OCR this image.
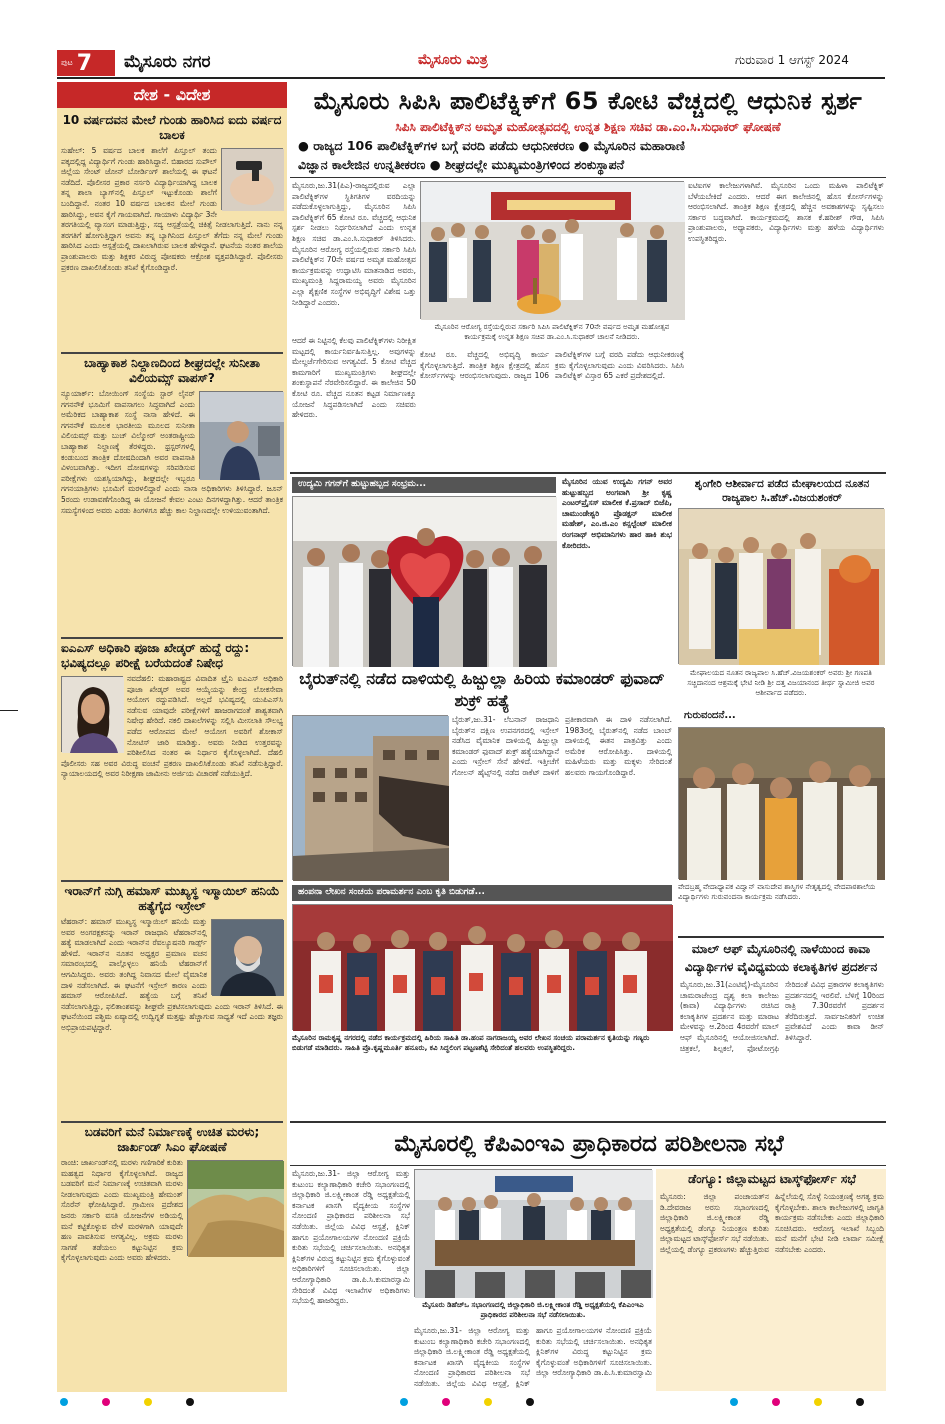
ಪುಟ 7 ಮೈಸೂರು ನಗರ	ಮೈಸೂರು ಮಿತ್ರ	ಗುರುವಾರ 1 ಆಗಸ್ಟ್ 2024
ದೇಶ - ವಿದೇಶ
10 ವರ್ಷದವನ ಮೇಲೆ ಗುಂಡು ಹಾರಿಸಿದ ಐದು ವರ್ಷದ ಬಾಲಕ
ಸುಹೇಲ್: 5 ವರ್ಷದ ಬಾಲಕ ಶಾಲೆಗೆ ಪಿಸ್ತೂಲ್ ತಂದು ಪಕ್ಕದಲ್ಲಿದ್ದ ವಿದ್ಯಾರ್ಥಿಗೆ ಗುಂಡು ಹಾರಿಸಿದ್ದಾನೆ. ಬಿಹಾರದ ಸುಪೌಲ್ ಜಿಲ್ಲೆಯ ಸೇಂಟ್ ಜೋನ್ ಬೋರ್ಡಿಂಗ್ ಶಾಲೆಯಲ್ಲಿ ಈ ಘಟನೆ ನಡೆದಿದೆ. ಪೊಲೀಸರ ಪ್ರಕಾರ ನರ್ಸರಿ ವಿದ್ಯಾರ್ಥಿಯಾಗಿದ್ದ ಬಾಲಕ ತನ್ನ ಶಾಲಾ ಬ್ಯಾಗ್‌ನಲ್ಲಿ ಪಿಸ್ತೂಲ್ ಇಟ್ಟುಕೊಂಡು ಶಾಲೆಗೆ ಬಂದಿದ್ದಾನೆ. ನಂತರ 10 ವರ್ಷದ ಬಾಲಕನ ಮೇಲೆ ಗುಂಡು ಹಾರಿಸಿದ್ದು, ಅವನ ಕೈಗೆ ಗಾಯವಾಗಿದೆ. ಗಾಯಾಳು ವಿದ್ಯಾರ್ಥಿ 3ನೇ ತರಗತಿಯಲ್ಲಿ ವ್ಯಾಸಂಗ ಮಾಡುತ್ತಿದ್ದು, ಸದ್ಯ ಆಸ್ಪತ್ರೆಯಲ್ಲಿ ಚಿಕಿತ್ಸೆ ನೀಡಲಾಗುತ್ತಿದೆ. ನಾನು ನನ್ನ ತರಗತಿಗೆ ಹೋಗುತ್ತಿದ್ದಾಗ ಅವನು ತನ್ನ ಬ್ಯಾಗಿನಿಂದ ಪಿಸ್ತೂಲ್ ತೆಗೆದು ನನ್ನ ಮೇಲೆ ಗುಂಡು ಹಾರಿಸಿದ ಎಂದು ಆಸ್ಪತ್ರೆಯಲ್ಲಿ ದಾಖಲಾಗಿರುವ ಬಾಲಕ ಹೇಳಿದ್ದಾನೆ. ಘಟನೆಯ ನಂತರ ಶಾಲೆಯ ಪ್ರಾಂಶುಪಾಲರು ಮತ್ತು ಶಿಕ್ಷಕರ ವಿರುದ್ಧ ಪೋಷಕರು ಆಕ್ರೋಶ ವ್ಯಕ್ತಪಡಿಸಿದ್ದಾರೆ. ಪೊಲೀಸರು ಪ್ರಕರಣ ದಾಖಲಿಸಿಕೊಂಡು ತನಿಖೆ ಕೈಗೊಂಡಿದ್ದಾರೆ.
ಬಾಹ್ಯಾಕಾಶ ನಿಲ್ದಾಣದಿಂದ ಶೀಘ್ರದಲ್ಲೇ ಸುನೀತಾ ವಿಲಿಯಮ್ಸ್ ವಾಪಸ್?
ನ್ಯೂಯಾರ್ಕ್: ಬೋಯಿಂಗ್ ಸಂಸ್ಥೆಯ ಸ್ಟಾರ್ ಲೈನರ್ ಗಗನನೌಕೆ ಭೂಮಿಗೆ ವಾಪಸಾಗಲು ಸಿದ್ಧವಾಗಿದೆ ಎಂದು ಅಮೆರಿಕದ ಬಾಹ್ಯಾಕಾಶ ಸಂಸ್ಥೆ ನಾಸಾ ಹೇಳಿದೆ. ಈ ಗಗನನೌಕೆ ಮೂಲಕ ಭಾರತೀಯ ಮೂಲದ ಸುನೀತಾ ವಿಲಿಯಮ್ಸ್ ಮತ್ತು ಬುಚ್ ವಿಲ್ಮೋರ್ ಅಂತರಾಷ್ಟ್ರೀಯ ಬಾಹ್ಯಾಕಾಶ ನಿಲ್ದಾಣಕ್ಕೆ ತೆರಳಿದ್ದರು. ಥ್ರಸ್ಟರ್‌ಗಳಲ್ಲಿ ಕಂಡುಬಂದ ತಾಂತ್ರಿಕ ದೋಷದಿಂದಾಗಿ ಅವರ ವಾಪಸಾತಿ ವಿಳಂಬವಾಗಿತ್ತು. ಇದೀಗ ದೋಷಗಳನ್ನು ಸರಿಪಡಿಸುವ ಪರೀಕ್ಷೆಗಳು ಯಶಸ್ವಿಯಾಗಿದ್ದು, ಶೀಘ್ರದಲ್ಲೇ ಇಬ್ಬರೂ ಗಗನಯಾತ್ರಿಗಳು ಭೂಮಿಗೆ ಮರಳಲಿದ್ದಾರೆ ಎಂದು ನಾಸಾ ಅಧಿಕಾರಿಗಳು ತಿಳಿಸಿದ್ದಾರೆ. ಜೂನ್ 5ರಂದು ಉಡಾವಣೆಗೊಂಡಿದ್ದ ಈ ಯೋಜನೆ ಕೇವಲ ಎಂಟು ದಿನಗಳದ್ದಾಗಿತ್ತು. ಆದರೆ ತಾಂತ್ರಿಕ ಸಮಸ್ಯೆಗಳಿಂದ ಅವರು ಎರಡು ತಿಂಗಳಿಗೂ ಹೆಚ್ಚು ಕಾಲ ನಿಲ್ದಾಣದಲ್ಲೇ ಉಳಿಯುವಂತಾಗಿದೆ.
ಐಎಎಸ್ ಅಧಿಕಾರಿ ಪೂಜಾ ಖೇಡ್ಕರ್ ಹುದ್ದೆ ರದ್ದು: ಭವಿಷ್ಯದಲ್ಲೂ ಪರೀಕ್ಷೆ ಬರೆಯದಂತೆ ನಿಷೇಧ
ನವದೆಹಲಿ: ಮಹಾರಾಷ್ಟ್ರದ ವಿವಾದಿತ ಟ್ರೈನಿ ಐಎಎಸ್ ಅಧಿಕಾರಿ ಪೂಜಾ ಖೇಡ್ಕರ್ ಅವರ ಆಯ್ಕೆಯನ್ನು ಕೇಂದ್ರ ಲೋಕಸೇವಾ ಆಯೋಗ ರದ್ದುಪಡಿಸಿದೆ. ಅಲ್ಲದೆ ಭವಿಷ್ಯದಲ್ಲಿ ಯುಪಿಎಸ್‌ಸಿ ನಡೆಸುವ ಯಾವುದೇ ಪರೀಕ್ಷೆಗಳಿಗೆ ಹಾಜರಾಗದಂತೆ ಶಾಶ್ವತವಾಗಿ ನಿಷೇಧ ಹೇರಿದೆ. ನಕಲಿ ದಾಖಲೆಗಳನ್ನು ಸಲ್ಲಿಸಿ ಮೀಸಲಾತಿ ಸೌಲಭ್ಯ ಪಡೆದ ಆರೋಪದ ಮೇಲೆ ಆಯೋಗ ಅವರಿಗೆ ಶೋಕಾಸ್ ನೋಟಿಸ್ ಜಾರಿ ಮಾಡಿತ್ತು. ಅವರು ನೀಡಿದ ಉತ್ತರವನ್ನು ಪರಿಶೀಲಿಸಿದ ನಂತರ ಈ ನಿರ್ಧಾರ ಕೈಗೊಳ್ಳಲಾಗಿದೆ. ದೆಹಲಿ ಪೊಲೀಸರು ಸಹ ಅವರ ವಿರುದ್ಧ ವಂಚನೆ ಪ್ರಕರಣ ದಾಖಲಿಸಿಕೊಂಡು ತನಿಖೆ ನಡೆಸುತ್ತಿದ್ದಾರೆ. ನ್ಯಾಯಾಲಯದಲ್ಲಿ ಅವರ ನಿರೀಕ್ಷಣಾ ಜಾಮೀನು ಅರ್ಜಿಯ ವಿಚಾರಣೆ ನಡೆಯುತ್ತಿದೆ.
ಇರಾನ್‌ಗೆ ನುಗ್ಗಿ ಹಮಾಸ್ ಮುಖ್ಯಸ್ಥ ಇಸ್ಮಾಯಿಲ್ ಹನಿಯೆ ಹತ್ಯೆಗೈದ ಇಸ್ರೇಲ್
ಟೆಹರಾನ್: ಹಮಾಸ್ ಮುಖ್ಯಸ್ಥ ಇಸ್ಮಾಯಿಲ್ ಹನಿಯೆ ಮತ್ತು ಅವರ ಅಂಗರಕ್ಷಕನನ್ನು ಇರಾನ್ ರಾಜಧಾನಿ ಟೆಹರಾನ್‌ನಲ್ಲಿ ಹತ್ಯೆ ಮಾಡಲಾಗಿದೆ ಎಂದು ಇರಾನ್‌ನ ರೆವಲ್ಯೂಷನರಿ ಗಾರ್ಡ್ಸ್ ಹೇಳಿದೆ. ಇರಾನ್‌ನ ನೂತನ ಅಧ್ಯಕ್ಷರ ಪ್ರಮಾಣ ವಚನ ಸಮಾರಂಭದಲ್ಲಿ ಪಾಲ್ಗೊಳ್ಳಲು ಹನಿಯೆ ಟೆಹರಾನ್‌ಗೆ ಆಗಮಿಸಿದ್ದರು. ಅವರು ತಂಗಿದ್ದ ನಿವಾಸದ ಮೇಲೆ ವೈಮಾನಿಕ ದಾಳಿ ನಡೆಸಲಾಗಿದೆ. ಈ ಘಟನೆಗೆ ಇಸ್ರೇಲ್ ಕಾರಣ ಎಂದು ಹಮಾಸ್ ಆರೋಪಿಸಿದೆ. ಹತ್ಯೆಯ ಬಗ್ಗೆ ತನಿಖೆ ನಡೆಸಲಾಗುತ್ತಿದ್ದು, ಫಲಿತಾಂಶವನ್ನು ಶೀಘ್ರವೇ ಪ್ರಕಟಿಸಲಾಗುವುದು ಎಂದು ಇರಾನ್ ತಿಳಿಸಿದೆ. ಈ ಘಟನೆಯಿಂದ ಪಶ್ಚಿಮ ಏಷ್ಯಾದಲ್ಲಿ ಉದ್ವಿಗ್ನತೆ ಮತ್ತಷ್ಟು ಹೆಚ್ಚಾಗುವ ಸಾಧ್ಯತೆ ಇದೆ ಎಂದು ತಜ್ಞರು ಅಭಿಪ್ರಾಯಪಟ್ಟಿದ್ದಾರೆ.
ಬಡವರಿಗೆ ಮನೆ ನಿರ್ಮಾಣಕ್ಕೆ ಉಚಿತ ಮರಳು; ಜಾರ್ಖಂಡ್ ಸಿಎಂ ಘೋಷಣೆ
ರಾಂಚಿ: ಜಾರ್ಖಂಡ್‌ನಲ್ಲಿ ಮರಳು ಗಣಿಗಾರಿಕೆ ಕುರಿತು ಮಹತ್ವದ ನಿರ್ಧಾರ ಕೈಗೊಳ್ಳಲಾಗಿದೆ. ರಾಜ್ಯದ ಬಡವರಿಗೆ ಮನೆ ನಿರ್ಮಾಣಕ್ಕೆ ಉಚಿತವಾಗಿ ಮರಳು ನೀಡಲಾಗುವುದು ಎಂದು ಮುಖ್ಯಮಂತ್ರಿ ಹೇಮಂತ್ ಸೊರೆನ್ ಘೋಷಿಸಿದ್ದಾರೆ. ಗ್ರಾಮೀಣ ಪ್ರದೇಶದ ಜನರು ಸರ್ಕಾರಿ ವಸತಿ ಯೋಜನೆಗಳ ಅಡಿಯಲ್ಲಿ ಮನೆ ಕಟ್ಟಿಕೊಳ್ಳುವ ವೇಳೆ ಮರಳಿಗಾಗಿ ಯಾವುದೇ ಹಣ ಪಾವತಿಸುವ ಅಗತ್ಯವಿಲ್ಲ. ಅಕ್ರಮ ಮರಳು ಸಾಗಣೆ ತಡೆಯಲು ಕಟ್ಟುನಿಟ್ಟಿನ ಕ್ರಮ ಕೈಗೊಳ್ಳಲಾಗುವುದು ಎಂದು ಅವರು ಹೇಳಿದರು.
ಮೈಸೂರು ಸಿಪಿಸಿ ಪಾಲಿಟೆಕ್ನಿಕ್‌ಗೆ 65 ಕೋಟಿ ವೆಚ್ಚದಲ್ಲಿ ಆಧುನಿಕ ಸ್ಪರ್ಶ
ಸಿಪಿಸಿ ಪಾಲಿಟೆಕ್ನಿಕ್‌ನ ಅಮೃತ ಮಹೋತ್ಸವದಲ್ಲಿ ಉನ್ನತ ಶಿಕ್ಷಣ ಸಚಿವ ಡಾ.ಎಂ.ಸಿ.ಸುಧಾಕರ್ ಘೋಷಣೆ
● ರಾಜ್ಯದ 106 ಪಾಲಿಟೆಕ್ನಿಕ್‌ಗಳ ಬಗ್ಗೆ ವರದಿ ಪಡೆದು ಆಧುನೀಕರಣ ● ಮೈಸೂರಿನ ಮಹಾರಾಣಿ
ವಿಜ್ಞಾನ ಕಾಲೇಜಿನ ಉನ್ನತೀಕರಣ ● ಶೀಘ್ರದಲ್ಲೇ ಮುಖ್ಯಮಂತ್ರಿಗಳಿಂದ ಶಂಕುಸ್ಥಾಪನೆ
ಮೈಸೂರು,ಜು.31(ಪಿಎ)-ರಾಜ್ಯದಲ್ಲಿರುವ ಎಲ್ಲಾ ಪಾಲಿಟೆಕ್ನಿಕ್‌ಗಳ ಸ್ಥಿತಿಗತಿಗಳ ವರದಿಯನ್ನು ಪಡೆದುಕೊಳ್ಳಲಾಗುತ್ತಿದ್ದು, ಮೈಸೂರಿನ ಸಿಪಿಸಿ ಪಾಲಿಟೆಕ್ನಿಕ್‌ಗೆ 65 ಕೋಟಿ ರೂ. ವೆಚ್ಚದಲ್ಲಿ ಆಧುನಿಕ ಸ್ಪರ್ಶ ನೀಡಲು ನಿರ್ಧರಿಸಲಾಗಿದೆ ಎಂದು ಉನ್ನತ ಶಿಕ್ಷಣ ಸಚಿವ ಡಾ.ಎಂ.ಸಿ.ಸುಧಾಕರ್ ತಿಳಿಸಿದರು. ಮೈಸೂರಿನ ಆರೋಗ್ಯ ರಸ್ತೆಯಲ್ಲಿರುವ ಸರ್ಕಾರಿ ಸಿಪಿಸಿ ಪಾಲಿಟೆಕ್ನಿಕ್‌ನ 70ನೇ ವರ್ಷದ ಅಮೃತ ಮಹೋತ್ಸವ ಕಾರ್ಯಕ್ರಮವನ್ನು ಉದ್ಘಾಟಿಸಿ ಮಾತನಾಡಿದ ಅವರು, ಮುಖ್ಯಮಂತ್ರಿ ಸಿದ್ದರಾಮಯ್ಯ ಅವರು ಮೈಸೂರಿನ ಎಲ್ಲಾ ಶೈಕ್ಷಣಿಕ ಸಂಸ್ಥೆಗಳ ಅಭಿವೃದ್ಧಿಗೆ ವಿಶೇಷ ಒತ್ತು ನೀಡಿದ್ದಾರೆ ಎಂದರು.
ಆದರೆ ಈ ನಿಟ್ಟಿನಲ್ಲಿ ಕೆಲವು ಪಾಲಿಟೆಕ್ನಿಕ್‌ಗಳು ನಿರೀಕ್ಷಿತ ಮಟ್ಟದಲ್ಲಿ ಕಾರ್ಯನಿರ್ವಹಿಸುತ್ತಿಲ್ಲ. ಅವುಗಳನ್ನು ಮೇಲ್ದರ್ಜೆಗೇರಿಸುವ ಅಗತ್ಯವಿದೆ. 5 ಕೋಟಿ ವೆಚ್ಚದ ಕಾಮಗಾರಿಗೆ ಮುಖ್ಯಮಂತ್ರಿಗಳು ಶೀಘ್ರದಲ್ಲೇ ಶಂಕುಸ್ಥಾಪನೆ ನೆರವೇರಿಸಲಿದ್ದಾರೆ. ಈ ಕಾಲೇಜಿನ 50 ಕೋಟಿ ರೂ. ವೆಚ್ಚದ ನೂತನ ಕಟ್ಟಡ ನಿರ್ಮಾಣಕ್ಕೂ ಯೋಜನೆ ಸಿದ್ಧಪಡಿಸಲಾಗಿದೆ ಎಂದು ಸಚಿವರು ಹೇಳಿದರು.
ಕೋಟಿ ರೂ. ವೆಚ್ಚದಲ್ಲಿ ಅಭಿವೃದ್ಧಿ ಕಾರ್ಯ ಕೈಗೊಳ್ಳಲಾಗುತ್ತಿದೆ. ತಾಂತ್ರಿಕ ಶಿಕ್ಷಣ ಕ್ಷೇತ್ರದಲ್ಲಿ ಹೊಸ ಕೋರ್ಸ್‌ಗಳನ್ನು ಆರಂಭಿಸಲಾಗುವುದು. ರಾಜ್ಯದ 106 ಪಾಲಿಟೆಕ್ನಿಕ್‌ಗಳ ಬಗ್ಗೆ ವರದಿ ಪಡೆದು ಆಧುನೀಕರಣಕ್ಕೆ ಕ್ರಮ ಕೈಗೊಳ್ಳಲಾಗುವುದು ಎಂದು ವಿವರಿಸಿದರು. ಸಿಪಿಸಿ ಪಾಲಿಟೆಕ್ನಿಕ್ ವಿಸ್ತಾರ 65 ಎಕರೆ ಪ್ರದೇಶದಲ್ಲಿದೆ.
ಐಟಿಐಗಳ ಕಾಲೇಜುಗಳಾಗಿವೆ. ಮೈಸೂರಿನ ಒಂದು ಮಹಿಳಾ ಪಾಲಿಟೆಕ್ನಿಕ್ ಬೆಳೆಯಬೇಕಿದೆ ಎಂದರು. ಆದರೆ ಈಗ ಕಾಲೇಜಿನಲ್ಲಿ ಹೊಸ ಕೋರ್ಸ್‌ಗಳನ್ನು ಆರಂಭಿಸಲಾಗಿದೆ. ತಾಂತ್ರಿಕ ಶಿಕ್ಷಣ ಕ್ಷೇತ್ರದಲ್ಲಿ ಹೆಚ್ಚಿನ ಅವಕಾಶಗಳನ್ನು ಸೃಷ್ಟಿಸಲು ಸರ್ಕಾರ ಬದ್ಧವಾಗಿದೆ. ಕಾರ್ಯಕ್ರಮದಲ್ಲಿ ಶಾಸಕ ಕೆ.ಹರೀಶ್ ಗೌಡ, ಸಿಪಿಸಿ ಪ್ರಾಂಶುಪಾಲರು, ಅಧ್ಯಾಪಕರು, ವಿದ್ಯಾರ್ಥಿಗಳು ಮತ್ತು ಹಳೆಯ ವಿದ್ಯಾರ್ಥಿಗಳು ಉಪಸ್ಥಿತರಿದ್ದರು.
ಮೈಸೂರಿನ ಆರೋಗ್ಯ ರಸ್ತೆಯಲ್ಲಿರುವ ಸರ್ಕಾರಿ ಸಿಪಿಸಿ ಪಾಲಿಟೆಕ್ನಿಕ್‌ನ 70ನೇ ವರ್ಷದ ಅಮೃತ ಮಹೋತ್ಸವ ಕಾರ್ಯಕ್ರಮಕ್ಕೆ ಉನ್ನತ ಶಿಕ್ಷಣ ಸಚಿವ ಡಾ.ಎಂ.ಸಿ.ಸುಧಾಕರ್ ಚಾಲನೆ ನೀಡಿದರು.
ಉದ್ಯಮಿ ಗಗನ್‌ಗೆ ಹುಟ್ಟುಹಬ್ಬದ ಸಂಭ್ರಮ...	ಮೈಸೂರಿನ ಯುವ ಉದ್ಯಮಿ ಗಗನ್ ಅವರ ಹುಟ್ಟುಹಬ್ಬದ ಅಂಗವಾಗಿ ಶ್ರೀ ಕೃಷ್ಣ ಎಂಟರ್‌ಪ್ರೈಸಸ್ ಮಾಲೀಕ ಕೆ.ಪ್ರಸಾದ್ ಬಿಜೆಪಿ, ಚಾಮುಂಡೇಶ್ವರಿ ಪ್ರೊಡಕ್ಷನ್ ಮಾಲೀಕ ಮಹೇಶ್, ಎಂ.ಜಿ.ಎಂ ಕನ್ಸಲ್ಟೆಂಟ್ ಮಾಲೀಕ ರಂಗನಾಥ್ ಅಭಿಮಾನಿಗಳು ಹಾರ ಹಾಕಿ ಶುಭ ಕೋರಿದರು.
ಶೃಂಗೇರಿ ಆಶೀರ್ವಾದ ಪಡೆದ ಮೇಘಾಲಯದ ನೂತನ ರಾಜ್ಯಪಾಲ ಸಿ.ಹೆಚ್.ವಿಜಯಶಂಕರ್
ಮೇಘಾಲಯದ ನೂತನ ರಾಜ್ಯಪಾಲ ಸಿ.ಹೆಚ್.ವಿಜಯಶಂಕರ್ ಅವರು ಶ್ರೀ ಗಣಪತಿ ಸಚ್ಚಿದಾನಂದ ಆಶ್ರಮಕ್ಕೆ ಭೇಟಿ ನೀಡಿ ಶ್ರೀ ದತ್ತ ವಿಜಯಾನಂದ ತೀರ್ಥ ಸ್ವಾಮೀಜಿ ಅವರ ಆಶೀರ್ವಾದ ಪಡೆದರು.
ಬೈರುತ್‌ನಲ್ಲಿ ನಡೆದ ದಾಳಿಯಲ್ಲಿ ಹಿಜ್ಬುಲ್ಲಾ ಹಿರಿಯ ಕಮಾಂಡರ್ ಫುವಾದ್ ಶುಕ್ರ್ ಹತ್ಯೆ
ಬೈರುತ್,ಜು.31- ಲೆಬನಾನ್ ರಾಜಧಾನಿ ಬೈರುತ್‌ನ ದಕ್ಷಿಣ ಉಪನಗರದಲ್ಲಿ ಇಸ್ರೇಲ್ ನಡೆಸಿದ ವೈಮಾನಿಕ ದಾಳಿಯಲ್ಲಿ ಹಿಜ್ಬುಲ್ಲಾ ಕಮಾಂಡರ್ ಫುವಾದ್ ಶುಕ್ರ್ ಹತ್ಯೆಯಾಗಿದ್ದಾನೆ ಎಂದು ಇಸ್ರೇಲ್ ಸೇನೆ ಹೇಳಿದೆ. ಇತ್ತೀಚೆಗೆ ಗೋಲನ್ ಹೈಟ್ಸ್‌ನಲ್ಲಿ ನಡೆದ ರಾಕೆಟ್ ದಾಳಿಗೆ ಪ್ರತೀಕಾರವಾಗಿ ಈ ದಾಳಿ ನಡೆಸಲಾಗಿದೆ. 1983ರಲ್ಲಿ ಬೈರುತ್‌ನಲ್ಲಿ ನಡೆದ ಬಾಂಬ್ ದಾಳಿಯಲ್ಲಿ ಈತನ ಪಾತ್ರವಿತ್ತು ಎಂದು ಅಮೆರಿಕ ಆರೋಪಿಸಿತ್ತು. ದಾಳಿಯಲ್ಲಿ ಮಹಿಳೆಯರು ಮತ್ತು ಮಕ್ಕಳು ಸೇರಿದಂತೆ ಹಲವರು ಗಾಯಗೊಂಡಿದ್ದಾರೆ.
ಗುರುವಂದನೆ...
ವೇದಬ್ರಹ್ಮ ವೇದಾಧ್ಯಾಪಕ ವಿದ್ವಾನ್ ವಾಸುದೇವ ಶಾಸ್ತ್ರಿಗಳ ನೇತೃತ್ವದಲ್ಲಿ ವೇದಪಾಠಶಾಲೆಯ ವಿದ್ಯಾರ್ಥಿಗಳು ಗುರುವಂದನಾ ಕಾರ್ಯಕ್ರಮ ನಡೆಸಿದರು.
ಹಂಪನಾ ಲೇಖನ ಸಂಚಯ ಪರಾಮರ್ಶನ ಎಂಬ ಕೃತಿ ಬಿಡುಗಡೆ...
ಮೈಸೂರಿನ ರಾಮಕೃಷ್ಣ ನಗರದಲ್ಲಿ ನಡೆದ ಕಾರ್ಯಕ್ರಮದಲ್ಲಿ ಹಿರಿಯ ಸಾಹಿತಿ ಡಾ.ಹಂಪ ನಾಗರಾಜಯ್ಯ ಅವರ ಲೇಖನ ಸಂಚಯ ಪರಾಮರ್ಶನ ಕೃತಿಯನ್ನು ಗಣ್ಯರು ಬಿಡುಗಡೆ ಮಾಡಿದರು. ಸಾಹಿತಿ ಪ್ರೊ.ಕೃಷ್ಣಮೂರ್ತಿ ಹನೂರು, ಕವಿ ಸಿದ್ಧಲಿಂಗ ಪಟ್ಟಣಶೆಟ್ಟಿ ಸೇರಿದಂತೆ ಹಲವರು ಉಪಸ್ಥಿತರಿದ್ದರು.
ಮಾಲ್ ಆಫ್ ಮೈಸೂರಿನಲ್ಲಿ ನಾಳೆಯಿಂದ ಕಾವಾ ವಿದ್ಯಾರ್ಥಿಗಳ ವೈವಿಧ್ಯಮಯ ಕಲಾಕೃತಿಗಳ ಪ್ರದರ್ಶನ
ಮೈಸೂರು,ಜು.31(ಎಂಟಿವೈ)-ಮೈಸೂರಿನ ಚಾಮರಾಜೇಂದ್ರ ದೃಶ್ಯ ಕಲಾ ಕಾಲೇಜು (ಕಾವಾ) ವಿದ್ಯಾರ್ಥಿಗಳು ರಚಿಸಿದ ಕಲಾಕೃತಿಗಳ ಪ್ರದರ್ಶನ ಮತ್ತು ಮಾರಾಟ ಮೇಳವನ್ನು ಆ.2ರಿಂದ 4ರವರೆಗೆ ಮಾಲ್ ಆಫ್ ಮೈಸೂರಿನಲ್ಲಿ ಆಯೋಜಿಸಲಾಗಿದೆ. ಚಿತ್ರಕಲೆ, ಶಿಲ್ಪಕಲೆ, ಫೋಟೋಗ್ರಫಿ ಸೇರಿದಂತೆ ವಿವಿಧ ಪ್ರಕಾರಗಳ ಕಲಾಕೃತಿಗಳು ಪ್ರದರ್ಶನದಲ್ಲಿ ಇರಲಿವೆ. ಬೆಳಿಗ್ಗೆ 10ರಿಂದ ರಾತ್ರಿ 7.30ರವರೆಗೆ ಪ್ರದರ್ಶನ ತೆರೆದಿರುತ್ತದೆ. ಸಾರ್ವಜನಿಕರಿಗೆ ಉಚಿತ ಪ್ರವೇಶವಿದೆ ಎಂದು ಕಾವಾ ಡೀನ್ ತಿಳಿಸಿದ್ದಾರೆ.
ಮೈಸೂರಲ್ಲಿ ಕೆಪಿಎಂಇಎ ಪ್ರಾಧಿಕಾರದ ಪರಿಶೀಲನಾ ಸಭೆ
ಮೈಸೂರು,ಜು.31- ಜಿಲ್ಲಾ ಆರೋಗ್ಯ ಮತ್ತು ಕುಟುಂಬ ಕಲ್ಯಾಣಾಧಿಕಾರಿ ಕಚೇರಿ ಸಭಾಂಗಣದಲ್ಲಿ ಜಿಲ್ಲಾಧಿಕಾರಿ ಜಿ.ಲಕ್ಷ್ಮೀಕಾಂತ ರೆಡ್ಡಿ ಅಧ್ಯಕ್ಷತೆಯಲ್ಲಿ ಕರ್ನಾಟಕ ಖಾಸಗಿ ವೈದ್ಯಕೀಯ ಸಂಸ್ಥೆಗಳ ನೋಂದಣಿ ಪ್ರಾಧಿಕಾರದ ಪರಿಶೀಲನಾ ಸಭೆ ನಡೆಯಿತು. ಜಿಲ್ಲೆಯ ವಿವಿಧ ಆಸ್ಪತ್ರೆ, ಕ್ಲಿನಿಕ್ ಹಾಗೂ ಪ್ರಯೋಗಾಲಯಗಳ ನೋಂದಣಿ ಪ್ರಕ್ರಿಯೆ ಕುರಿತು ಸಭೆಯಲ್ಲಿ ಚರ್ಚಿಸಲಾಯಿತು. ಅನಧಿಕೃತ ಕ್ಲಿನಿಕ್‌ಗಳ ವಿರುದ್ಧ ಕಟ್ಟುನಿಟ್ಟಿನ ಕ್ರಮ ಕೈಗೊಳ್ಳುವಂತೆ ಅಧಿಕಾರಿಗಳಿಗೆ ಸೂಚಿಸಲಾಯಿತು. ಜಿಲ್ಲಾ ಆರೋಗ್ಯಾಧಿಕಾರಿ ಡಾ.ಪಿ.ಸಿ.ಕುಮಾರಸ್ವಾಮಿ ಸೇರಿದಂತೆ ವಿವಿಧ ಇಲಾಖೆಗಳ ಅಧಿಕಾರಿಗಳು ಸಭೆಯಲ್ಲಿ ಹಾಜರಿದ್ದರು.	ಮೈಸೂರು ಡಿಹೆಚ್‌ಒ ಸಭಾಂಗಣದಲ್ಲಿ ಜಿಲ್ಲಾಧಿಕಾರಿ ಜಿ.ಲಕ್ಷ್ಮೀಕಾಂತ ರೆಡ್ಡಿ ಅಧ್ಯಕ್ಷತೆಯಲ್ಲಿ ಕೆಪಿಎಂಇಎ ಪ್ರಾಧಿಕಾರದ ಪರಿಶೀಲನಾ ಸಭೆ ನಡೆಸಲಾಯಿತು.
ಮೈಸೂರು,ಜು.31- ಜಿಲ್ಲಾ ಆರೋಗ್ಯ ಮತ್ತು ಕುಟುಂಬ ಕಲ್ಯಾಣಾಧಿಕಾರಿ ಕಚೇರಿ ಸಭಾಂಗಣದಲ್ಲಿ ಜಿಲ್ಲಾಧಿಕಾರಿ ಜಿ.ಲಕ್ಷ್ಮೀಕಾಂತ ರೆಡ್ಡಿ ಅಧ್ಯಕ್ಷತೆಯಲ್ಲಿ ಕರ್ನಾಟಕ ಖಾಸಗಿ ವೈದ್ಯಕೀಯ ಸಂಸ್ಥೆಗಳ ನೋಂದಣಿ ಪ್ರಾಧಿಕಾರದ ಪರಿಶೀಲನಾ ಸಭೆ ನಡೆಯಿತು. ಜಿಲ್ಲೆಯ ವಿವಿಧ ಆಸ್ಪತ್ರೆ, ಕ್ಲಿನಿಕ್ ಹಾಗೂ ಪ್ರಯೋಗಾಲಯಗಳ ನೋಂದಣಿ ಪ್ರಕ್ರಿಯೆ ಕುರಿತು ಸಭೆಯಲ್ಲಿ ಚರ್ಚಿಸಲಾಯಿತು. ಅನಧಿಕೃತ ಕ್ಲಿನಿಕ್‌ಗಳ ವಿರುದ್ಧ ಕಟ್ಟುನಿಟ್ಟಿನ ಕ್ರಮ ಕೈಗೊಳ್ಳುವಂತೆ ಅಧಿಕಾರಿಗಳಿಗೆ ಸೂಚಿಸಲಾಯಿತು. ಜಿಲ್ಲಾ ಆರೋಗ್ಯಾಧಿಕಾರಿ ಡಾ.ಪಿ.ಸಿ.ಕುಮಾರಸ್ವಾಮಿ
ಡೆಂಗ್ಯೂ: ಜಿಲ್ಲಾಮಟ್ಟದ ಟಾಸ್ಕ್‌ಫೋರ್ಸ್ ಸಭೆ
ಮೈಸೂರು: ಜಿಲ್ಲಾ ಪಂಚಾಯತ್‌ನ ಡಿ.ದೇವರಾಜ ಅರಸು ಸಭಾಂಗಣದಲ್ಲಿ ಜಿಲ್ಲಾಧಿಕಾರಿ ಜಿ.ಲಕ್ಷ್ಮೀಕಾಂತ ರೆಡ್ಡಿ ಅಧ್ಯಕ್ಷತೆಯಲ್ಲಿ ಡೆಂಗ್ಯೂ ನಿಯಂತ್ರಣ ಕುರಿತು ಜಿಲ್ಲಾಮಟ್ಟದ ಟಾಸ್ಕ್‌ಫೋರ್ಸ್ ಸಭೆ ನಡೆಯಿತು. ಜಿಲ್ಲೆಯಲ್ಲಿ ಡೆಂಗ್ಯೂ ಪ್ರಕರಣಗಳು ಹೆಚ್ಚುತ್ತಿರುವ ಹಿನ್ನೆಲೆಯಲ್ಲಿ ಸೊಳ್ಳೆ ನಿಯಂತ್ರಣಕ್ಕೆ ಅಗತ್ಯ ಕ್ರಮ ಕೈಗೊಳ್ಳಬೇಕು. ಶಾಲಾ ಕಾಲೇಜುಗಳಲ್ಲಿ ಜಾಗೃತಿ ಕಾರ್ಯಕ್ರಮ ನಡೆಸಬೇಕು ಎಂದು ಜಿಲ್ಲಾಧಿಕಾರಿ ಸೂಚಿಸಿದರು. ಆರೋಗ್ಯ ಇಲಾಖೆ ಸಿಬ್ಬಂದಿ ಮನೆ ಮನೆಗೆ ಭೇಟಿ ನೀಡಿ ಲಾರ್ವಾ ಸಮೀಕ್ಷೆ ನಡೆಸಬೇಕು ಎಂದರು.
